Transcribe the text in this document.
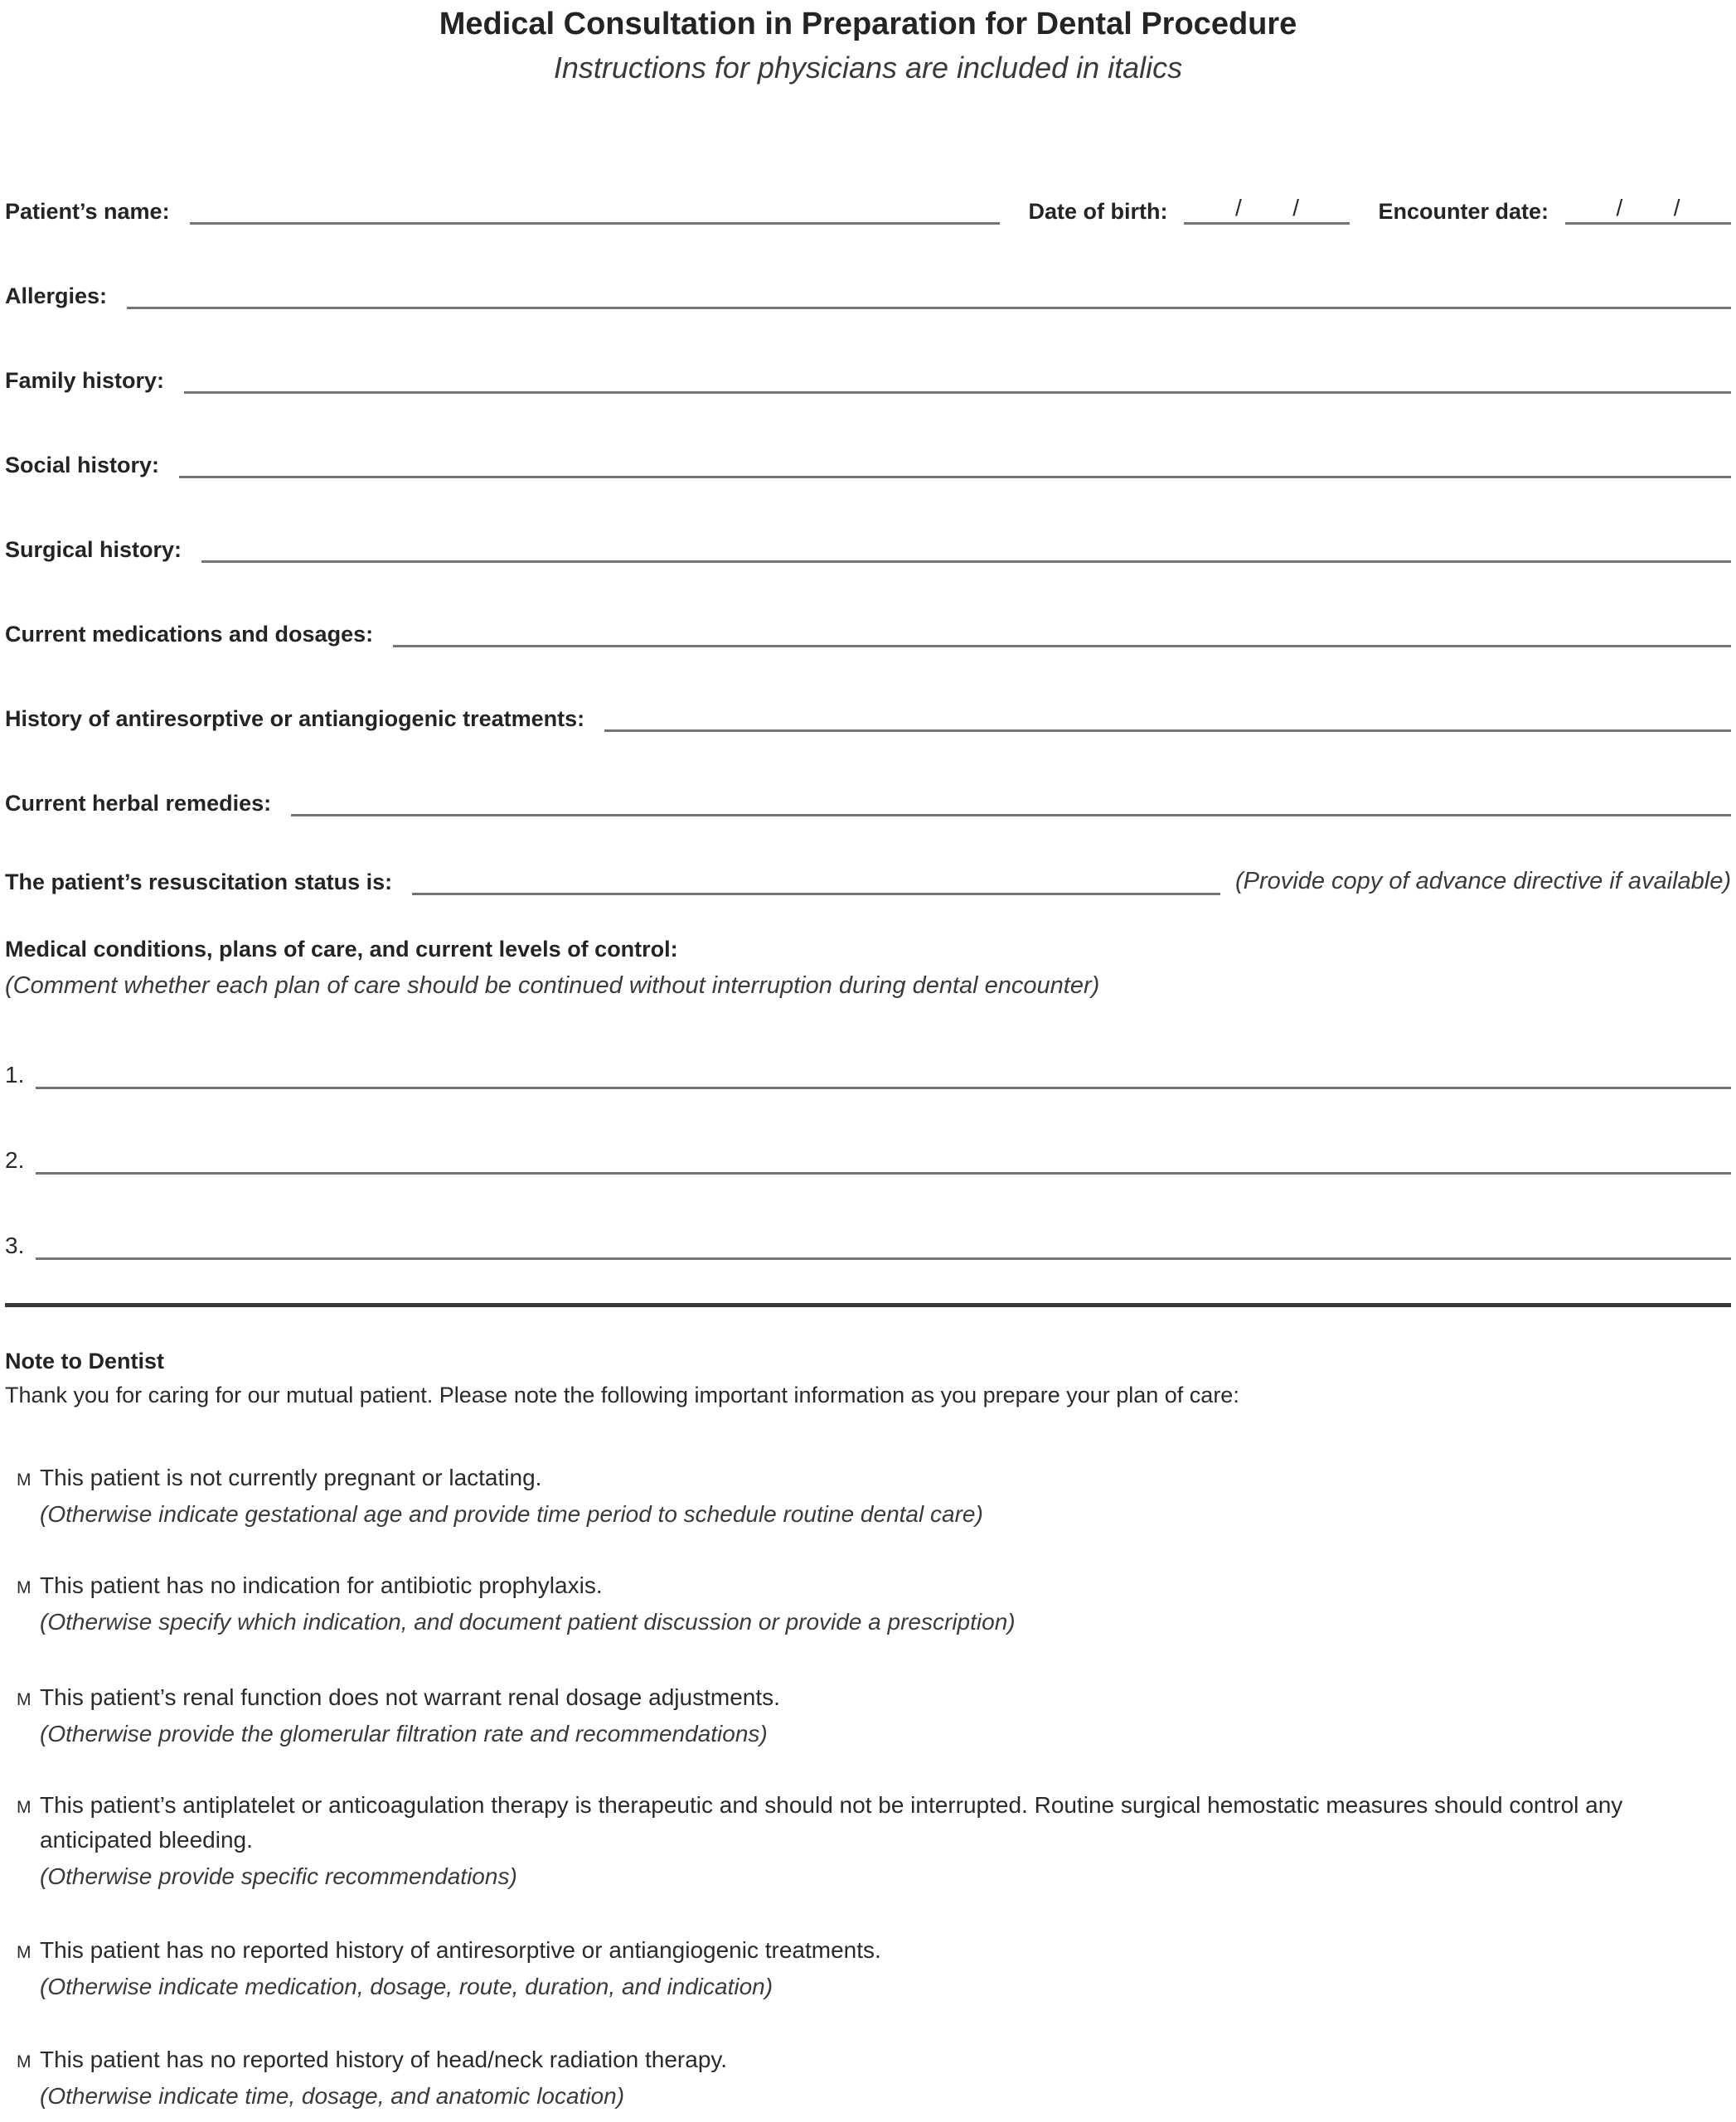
Medical Consultation in Preparation for Dental Procedure
Instructions for physicians are included in italics
Patient’s name:	Date of birth:	/ /	Encounter date:	/ /
Allergies:
Family history:
Social history:
Surgical history:
Current medications and dosages:
History of antiresorptive or antiangiogenic treatments:
Current herbal remedies:
The patient’s resuscitation status is:	(Provide copy of advance directive if available)
Medical conditions, plans of care, and current levels of control:
(Comment whether each plan of care should be continued without interruption during dental encounter)
1.
2.
3.
Note to Dentist
Thank you for caring for our mutual patient. Please note the following important information as you prepare your plan of care:
M This patient is not currently pregnant or lactating.
(Otherwise indicate gestational age and provide time period to schedule routine dental care)
M This patient has no indication for antibiotic prophylaxis.
(Otherwise specify which indication, and document patient discussion or provide a prescription)
M This patient’s renal function does not warrant renal dosage adjustments.
(Otherwise provide the glomerular filtration rate and recommendations)
M This patient’s antiplatelet or anticoagulation therapy is therapeutic and should not be interrupted. Routine surgical hemostatic measures should control any anticipated bleeding.
(Otherwise provide specific recommendations)
M This patient has no reported history of antiresorptive or antiangiogenic treatments.
(Otherwise indicate medication, dosage, route, duration, and indication)
M This patient has no reported history of head/neck radiation therapy.
(Otherwise indicate time, dosage, and anatomic location)
